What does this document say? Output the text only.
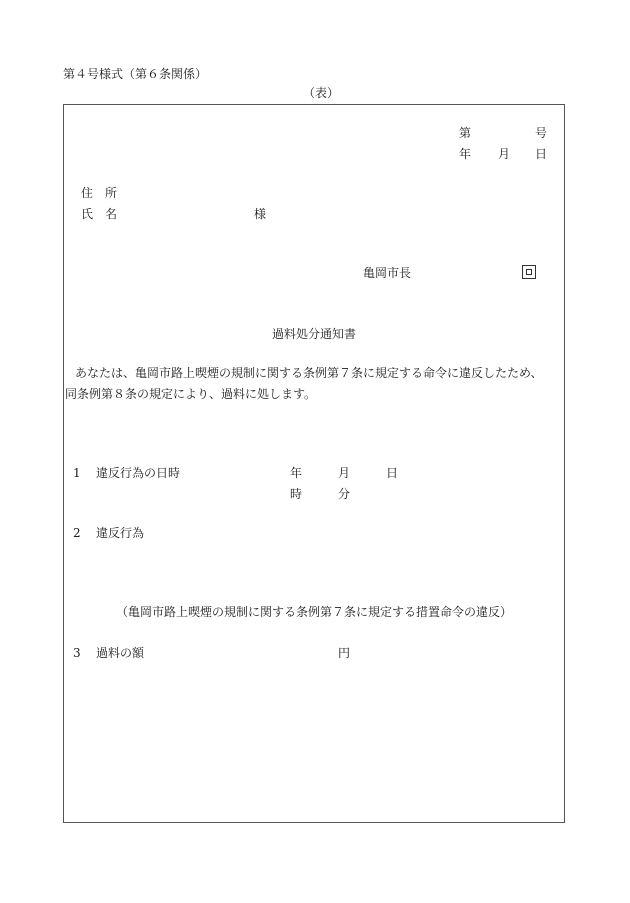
第４号様式（第６条関係）
（表）
第	号
年 月 日
住　所
氏　名	様
亀岡市長
過料処分通知書
あなたは、亀岡市路上喫煙の規制に関する条例第７条に規定する命令に違反したため、
同条例第８条の規定により、過料に処します。
1 違反行為の日時	年	月	日
時	分
2 違反行為
（亀岡市路上喫煙の規制に関する条例第７条に規定する措置命令の違反）
3 過料の額	円
